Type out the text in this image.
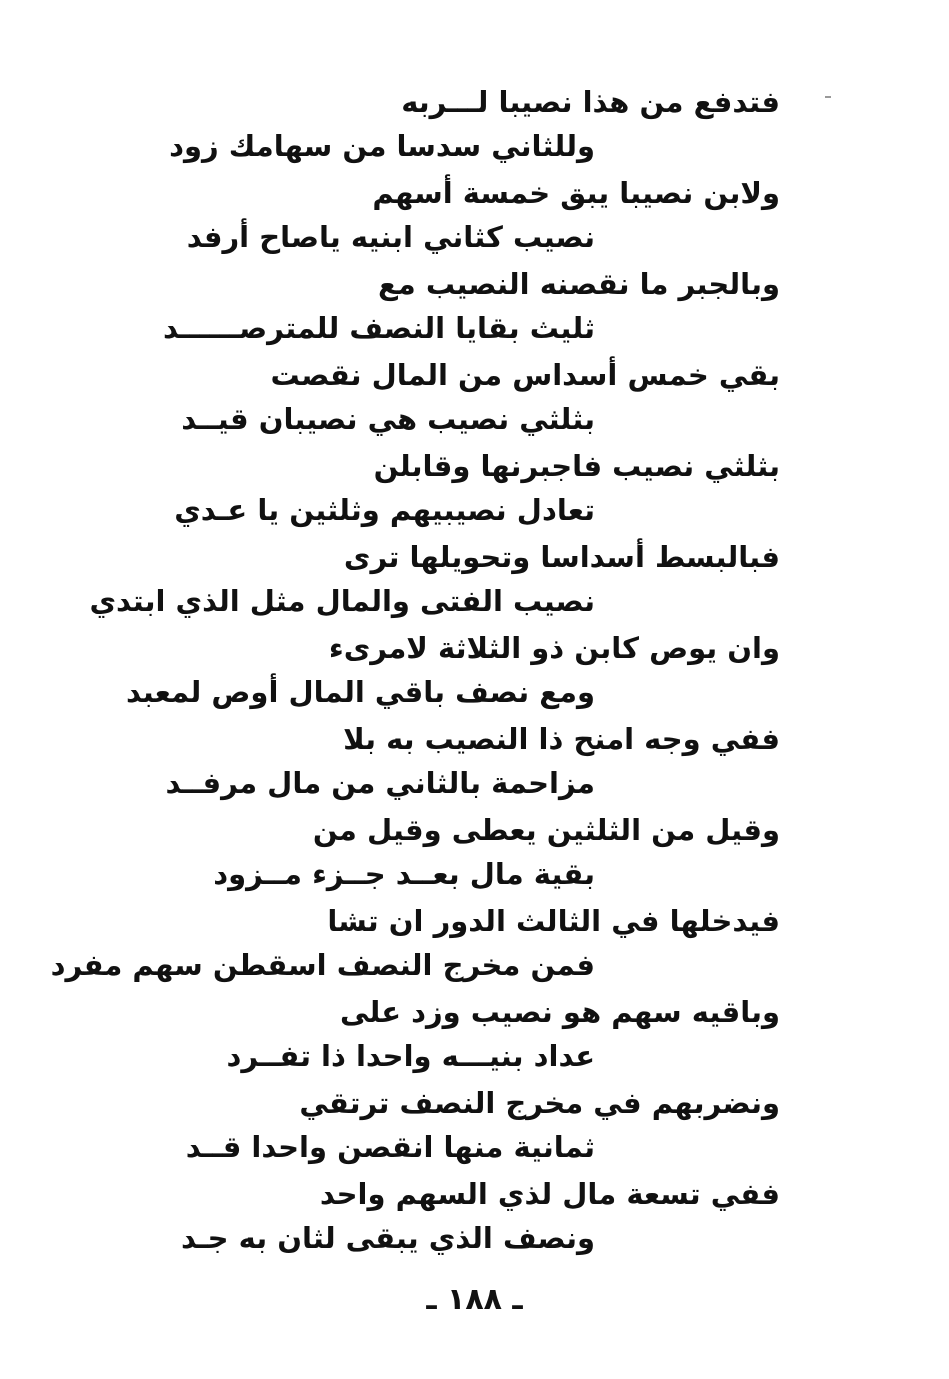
فتدفع من هذا نصيبا لـــربه
وللثاني سدسا من سهامك زود
ولابن نصيبا يبق خمسة أسهم
نصيب كثاني ابنيه ياصاح أرفد
وبالجبر ما نقصنه النصيب مع
ثليث بقايا النصف للمترصــــــد
بقي خمس أسداس من المال نقصت
بثلثي نصيب هي نصيبان قيــد
بثلثي نصيب فاجبرنها وقابلن
تعادل نصيبيهم وثلثين يا عـدي
فبالبسط أسداسا وتحويلها ترى
نصيب الفتى والمال مثل الذي ابتدي
وان يوص كابن ذو الثلاثة لامرىء
ومع نصف باقي المال أوص لمعبد
ففي وجه امنح ذا النصيب به بلا
مزاحمة بالثاني من مال مرفــد
وقيل من الثلثين يعطى وقيل من
بقية مال بعــد جــزء مــزود
فيدخلها في الثالث الدور ان تشا
فمن مخرج النصف اسقطن سهم مفرد
وباقيه سهم هو نصيب وزد على
عداد بنيـــه واحدا ذا تفــرد
ونضربهم في مخرج النصف ترتقي
ثمانية منها انقصن واحدا قــد
ففي تسعة مال لذي السهم واحد
ونصف الذي يبقى لثان به جـد
ـ ١٨٨ ـ
